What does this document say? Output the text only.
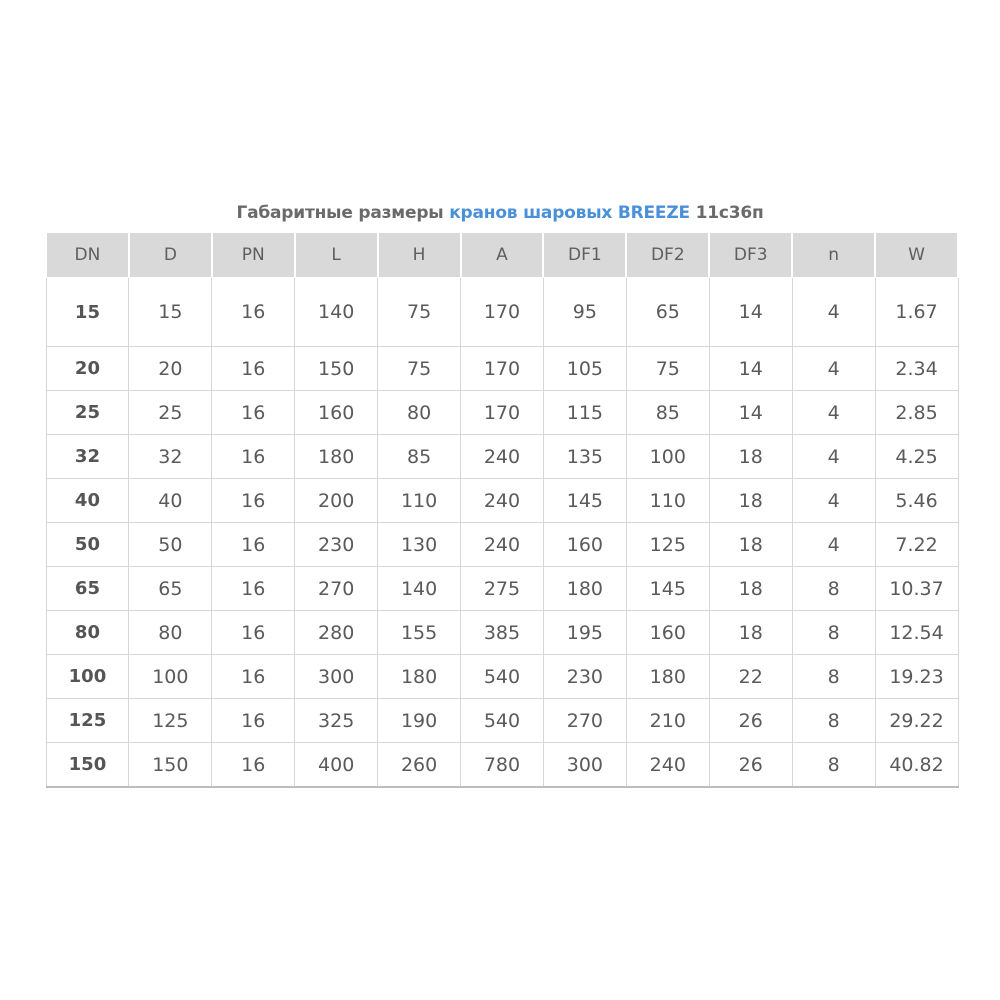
Габаритные размеры кранов шаровых BREEZE 11с36п
DN	D	PN	L	H	A	DF1	DF2	DF3	n	W
15	15	16	140	75	170	95	65	14	4	1.67
20	20	16	150	75	170	105	75	14	4	2.34
25	25	16	160	80	170	115	85	14	4	2.85
32	32	16	180	85	240	135	100	18	4	4.25
40	40	16	200	110	240	145	110	18	4	5.46
50	50	16	230	130	240	160	125	18	4	7.22
65	65	16	270	140	275	180	145	18	8	10.37
80	80	16	280	155	385	195	160	18	8	12.54
100	100	16	300	180	540	230	180	22	8	19.23
125	125	16	325	190	540	270	210	26	8	29.22
150	150	16	400	260	780	300	240	26	8	40.82
